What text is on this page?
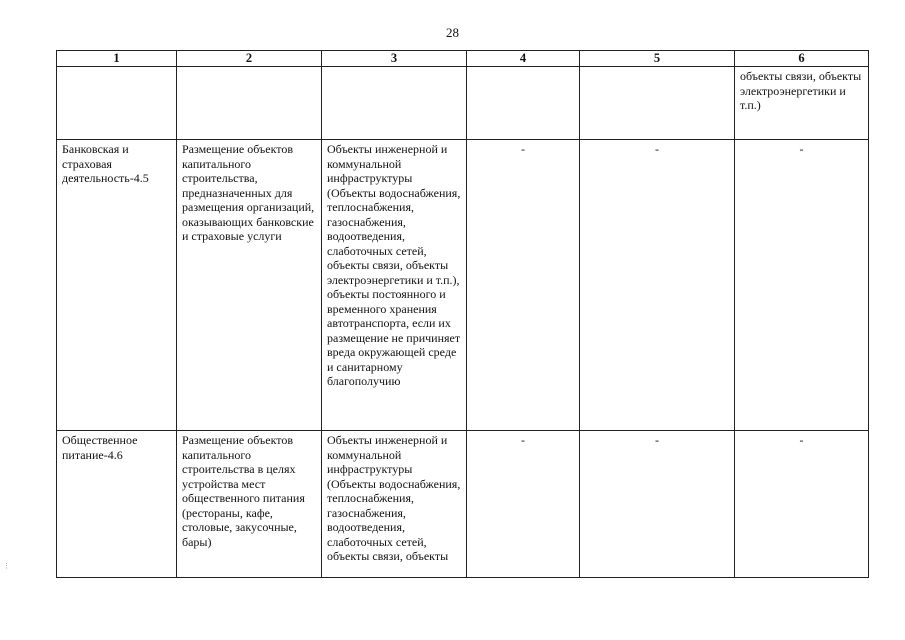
28
1	2	3	4	5	6
					объекты связи, объекты электроэнергетики и т.п.)

Банковская и страховая деятельность-4.5	Размещение объектов капитального строительства, предназначенных для размещения организаций, оказывающих банковские и страховые услуги	Объекты инженерной и коммунальной инфраструктуры (Объекты водоснабжения, теплоснабжения, газоснабжения, водоотведения, слаботочных сетей, объекты связи, объекты электроэнергетики и т.п.), объекты постоянного и временного хранения автотранспорта, если их размещение не причиняет вреда окружающей среде и санитарному благополучию	-	-	-

Общественное питание-4.6	Размещение объектов капитального строительства в целях устройства мест общественного питания (рестораны, кафе, столовые, закусочные, бары)	Объекты инженерной и коммунальной инфраструктуры (Объекты водоснабжения, теплоснабжения, газоснабжения, водоотведения, слаботочных сетей, объекты связи, объекты	-	-	-
⋮
